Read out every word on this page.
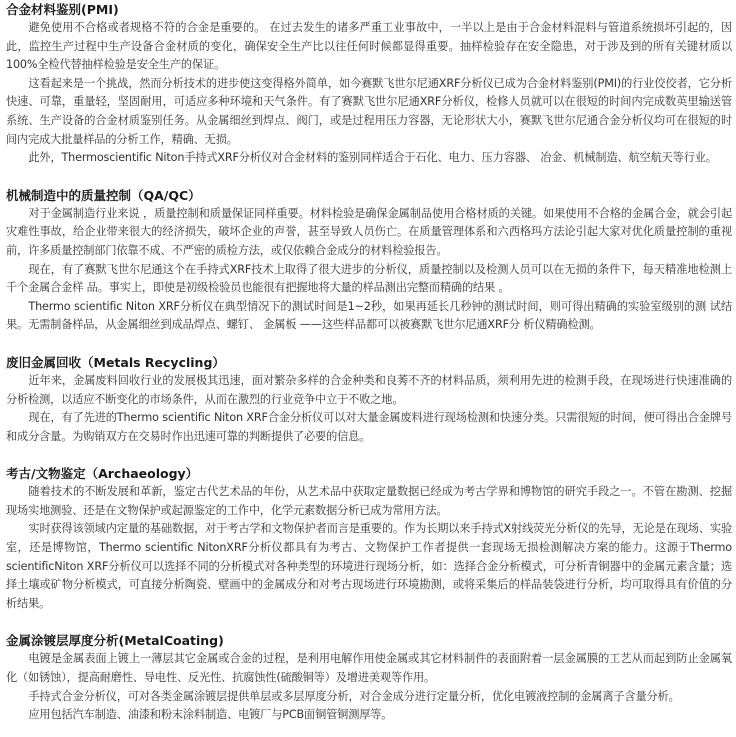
合金材料鉴别(PMI)

避免使用不合格或者规格不符的合金是重要的。 在过去发生的诸多严重工业事故中，一半以上是由于合金材料混料与管道系统损坏引起的，因此，监控生产过程中生产设备合金材质的变化，确保安全生产比以往任何时候都显得重要。抽样检验存在安全隐患，对于涉及到的所有关键材质以100%全检代替抽样检验是安全生产的保证。

这看起来是一个挑战，然而分析技术的进步使这变得格外简单，如今赛默飞世尔尼通XRF分析仪已成为合金材料鉴别(PMI)的行业佼佼者，它分析快速、可靠，重量轻，坚固耐用，可适应多种环境和天气条件。有了赛默飞世尔尼通XRF分析仪，检修人员就可以在很短的时间内完成数英里输送管系统、生产设备的合金材质鉴别任务。从金属细丝到焊点、阀门，或是过程用压力容器，无论形状大小，赛默飞世尔尼通合金分析仪均可在很短的时间内完成大批量样品的分析工作，精确、无损。

此外，Thermoscientific Niton手持式XRF分析仪对合金材料的鉴别同样适合于石化、电力、压力容器、 冶金、机械制造、航空航天等行业。

机械制造中的质量控制（QA/QC）

对于金属制造行业来说 ，质量控制和质量保证同样重要。材料检验是确保金属制品使用合格材质的关键。如果使用不合格的金属合金，就会引起灾难性事故，给企业带来很大的经济损失，破坏企业的声誉，甚至导致人员伤亡。在质量管理体系和六西格玛方法论引起大家对优化质量控制的重视前，许多质量控制部门依靠不成、不严密的质检方法，或仅依赖合金成分的材料检验报告。

现在，有了赛默飞世尔尼通这个在手持式XRF技术上取得了很大进步的分析仪，质量控制以及检测人员可以在无损的条件下，每天精准地检测上千个金属合金样 品。事实上，即使是初级检验员也能很有把握地将大量的样品测出完整而精确的结果 。

Thermo scientific Niton XRF分析仪在典型情况下的测试时间是1~2秒，如果再延长几秒钟的测试时间，则可得出精确的实验室级别的测 试结果。无需制备样品，从金属细丝到成品焊点、螺钉、 金属板 ——这些样品都可以被赛默飞世尔尼通XRF分 析仪精确检测。

废旧金属回收（Metals Recycling）

近年来，金属废料回收行业的发展极其迅速，面对繁杂多样的合金种类和良莠不齐的材料品质，须利用先进的检测手段，在现场进行快速准确的分析检测，以适应不断变化的市场条件，从而在激烈的行业竞争中立于不败之地。

现在，有了先进的Thermo scientific Niton XRF合金分析仪可以对大量金属废料进行现场检测和快速分类。只需很短的时间，便可得出合金牌号和成分含量。为购销双方在交易时作出迅速可靠的判断提供了必要的信息。

考古/文物鉴定（Archaeology）

随着技术的不断发展和革新，鉴定古代艺术品的年份，从艺术品中获取定量数据已经成为考古学界和博物馆的研究手段之一。不管在勘测、挖掘现场实地测验、还是在文物保护或起源鉴定的工作中，化学元素数据分析已成为常用方法。

实时获得该领域内定量的基础数据，对于考古学和文物保护者而言是重要的。作为长期以来手持式X射线荧光分析仪的先导，无论是在现场、实验室，还是博物馆，Thermo scientific NitonXRF分析仪都具有为考古、文物保护工作者提供一套现场无损检测解决方案的能力。这源于Thermo scientificNiton XRF分析仪可以选择不同的分析模式对各种类型的环境进行现场分析，如：选择合金分析模式，可分析青铜器中的金属元素含量；选择土壤或矿物分析模式，可直接分析陶瓷、壁画中的金属成分和对考古现场进行环境勘测，或将采集后的样品装袋进行分析，均可取得具有价值的分析结果。

金属涂镀层厚度分析(MetalCoating)

电镀是金属表面上镀上一薄层其它金属或合金的过程，是利用电解作用使金属或其它材料制件的表面附着一层金属膜的工艺从而起到防止金属氧化（如锈蚀），提高耐磨性、导电性、反光性、抗腐蚀性(硫酸铜等）及增进美观等作用。

手持式合金分析仪，可对各类金属涂镀层提供单层或多层厚度分析，对合金成分进行定量分析，优化电镀液控制的金属离子含量分析。

应用包括汽车制造、油漆和粉末涂料制造、电镀厂与PCB面铜管铜测厚等。
